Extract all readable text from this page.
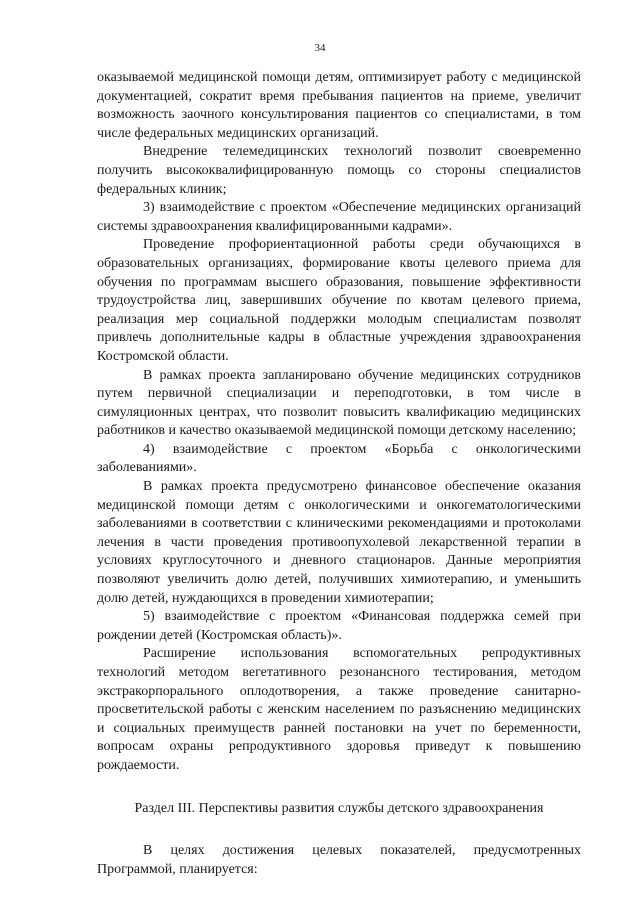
34

оказываемой медицинской помощи детям, оптимизирует работу с медицинской документацией, сократит время пребывания пациентов на приеме, увеличит возможность заочного консультирования пациентов со специалистами, в том числе федеральных медицинских организаций.

Внедрение телемедицинских технологий позволит своевременно получить высококвалифицированную помощь со стороны специалистов федеральных клиник;

3) взаимодействие с проектом «Обеспечение медицинских организаций системы здравоохранения квалифицированными кадрами».

Проведение профориентационной работы среди обучающихся в образовательных организациях, формирование квоты целевого приема для обучения по программам высшего образования, повышение эффективности трудоустройства лиц, завершивших обучение по квотам целевого приема, реализация мер социальной поддержки молодым специалистам позволят привлечь дополнительные кадры в областные учреждения здравоохранения Костромской области.

В рамках проекта запланировано обучение медицинских сотрудников путем первичной специализации и переподготовки, в том числе в симуляционных центрах, что позволит повысить квалификацию медицинских работников и качество оказываемой медицинской помощи детскому населению;

4) взаимодействие с проектом «Борьба с онкологическими заболеваниями».

В рамках проекта предусмотрено финансовое обеспечение оказания медицинской помощи детям с онкологическими и онкогематологическими заболеваниями в соответствии с клиническими рекомендациями и протоколами лечения в части проведения противоопухолевой лекарственной терапии в условиях круглосуточного и дневного стационаров. Данные мероприятия позволяют увеличить долю детей, получивших химиотерапию, и уменьшить долю детей, нуждающихся в проведении химиотерапии;

5) взаимодействие с проектом «Финансовая поддержка семей при рождении детей (Костромская область)».

Расширение использования вспомогательных репродуктивных технологий методом вегетативного резонансного тестирования, методом экстракорпорального оплодотворения, а также проведение санитарно-просветительской работы с женским населением по разъяснению медицинских и социальных преимуществ ранней постановки на учет по беременности, вопросам охраны репродуктивного здоровья приведут к повышению рождаемости.

Раздел III. Перспективы развития службы детского здравоохранения

В целях достижения целевых показателей, предусмотренных Программой, планируется:
